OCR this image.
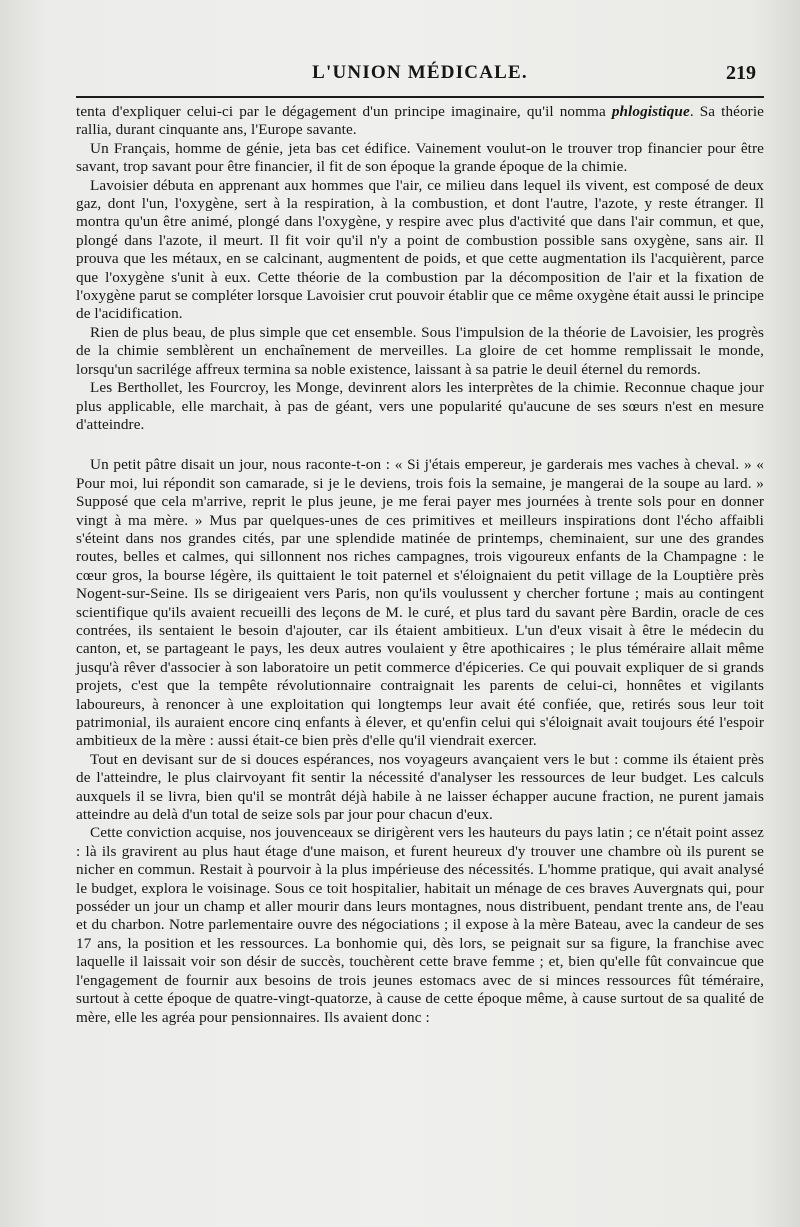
L'UNION MÉDICALE.	219

tenta d'expliquer celui-ci par le dégagement d'un principe imaginaire, qu'il nomma phlogistique. Sa théorie rallia, durant cinquante ans, l'Europe savante.

Un Français, homme de génie, jeta bas cet édifice. Vainement voulut-on le trouver trop financier pour être savant, trop savant pour être financier, il fit de son époque la grande époque de la chimie.

Lavoisier débuta en apprenant aux hommes que l'air, ce milieu dans lequel ils vivent, est composé de deux gaz, dont l'un, l'oxygène, sert à la respiration, à la combustion, et dont l'autre, l'azote, y reste étranger. Il montra qu'un être animé, plongé dans l'oxygène, y respire avec plus d'activité que dans l'air commun, et que, plongé dans l'azote, il meurt. Il fit voir qu'il n'y a point de combustion possible sans oxygène, sans air. Il prouva que les métaux, en se calcinant, augmentent de poids, et que cette augmentation ils l'acquièrent, parce que l'oxygène s'unit à eux. Cette théorie de la combustion par la décomposition de l'air et la fixation de l'oxygène parut se compléter lorsque Lavoisier crut pouvoir établir que ce même oxygène était aussi le principe de l'acidification.

Rien de plus beau, de plus simple que cet ensemble. Sous l'impulsion de la théorie de Lavoisier, les progrès de la chimie semblèrent un enchaînement de merveilles. La gloire de cet homme remplissait le monde, lorsqu'un sacrilége affreux termina sa noble existence, laissant à sa patrie le deuil éternel du remords.

Les Berthollet, les Fourcroy, les Monge, devinrent alors les interprètes de la chimie. Reconnue chaque jour plus applicable, elle marchait, à pas de géant, vers une popularité qu'aucune de ses sœurs n'est en mesure d'atteindre.

Un petit pâtre disait un jour, nous raconte-t-on : « Si j'étais empereur, je garderais mes vaches à cheval. » « Pour moi, lui répondit son camarade, si je le deviens, trois fois la semaine, je mangerai de la soupe au lard. » Supposé que cela m'arrive, reprit le plus jeune, je me ferai payer mes journées à trente sols pour en donner vingt à ma mère. » Mus par quelques-unes de ces primitives et meilleurs inspirations dont l'écho affaibli s'éteint dans nos grandes cités, par une splendide matinée de printemps, cheminaient, sur une des grandes routes, belles et calmes, qui sillonnent nos riches campagnes, trois vigoureux enfants de la Champagne : le cœur gros, la bourse légère, ils quittaient le toit paternel et s'éloignaient du petit village de la Louptière près Nogent-sur-Seine. Ils se dirigeaient vers Paris, non qu'ils voulussent y chercher fortune ; mais au contingent scientifique qu'ils avaient recueilli des leçons de M. le curé, et plus tard du savant père Bardin, oracle de ces contrées, ils sentaient le besoin d'ajouter, car ils étaient ambitieux. L'un d'eux visait à être le médecin du canton, et, se partageant le pays, les deux autres voulaient y être apothicaires ; le plus téméraire allait même jusqu'à rêver d'associer à son laboratoire un petit commerce d'épiceries. Ce qui pouvait expliquer de si grands projets, c'est que la tempête révolutionnaire contraignait les parents de celui-ci, honnêtes et vigilants laboureurs, à renoncer à une exploitation qui longtemps leur avait été confiée, que, retirés sous leur toit patrimonial, ils auraient encore cinq enfants à élever, et qu'enfin celui qui s'éloignait avait toujours été l'espoir ambitieux de la mère : aussi était-ce bien près d'elle qu'il viendrait exercer.

Tout en devisant sur de si douces espérances, nos voyageurs avançaient vers le but : comme ils étaient près de l'atteindre, le plus clairvoyant fit sentir la nécessité d'analyser les ressources de leur budget. Les calculs auxquels il se livra, bien qu'il se montrât déjà habile à ne laisser échapper aucune fraction, ne purent jamais atteindre au delà d'un total de seize sols par jour pour chacun d'eux.

Cette conviction acquise, nos jouvenceaux se dirigèrent vers les hauteurs du pays latin ; ce n'était point assez : là ils gravirent au plus haut étage d'une maison, et furent heureux d'y trouver une chambre où ils purent se nicher en commun. Restait à pourvoir à la plus impérieuse des nécessités. L'homme pratique, qui avait analysé le budget, explora le voisinage. Sous ce toit hospitalier, habitait un ménage de ces braves Auvergnats qui, pour posséder un jour un champ et aller mourir dans leurs montagnes, nous distribuent, pendant trente ans, de l'eau et du charbon. Notre parlementaire ouvre des négociations ; il expose à la mère Bateau, avec la candeur de ses 17 ans, la position et les ressources. La bonhomie qui, dès lors, se peignait sur sa figure, la franchise avec laquelle il laissait voir son désir de succès, touchèrent cette brave femme ; et, bien qu'elle fût convaincue que l'engagement de fournir aux besoins de trois jeunes estomacs avec de si minces ressources fût téméraire, surtout à cette époque de quatre-vingt-quatorze, à cause de cette époque même, à cause surtout de sa qualité de mère, elle les agréa pour pensionnaires. Ils avaient donc :
